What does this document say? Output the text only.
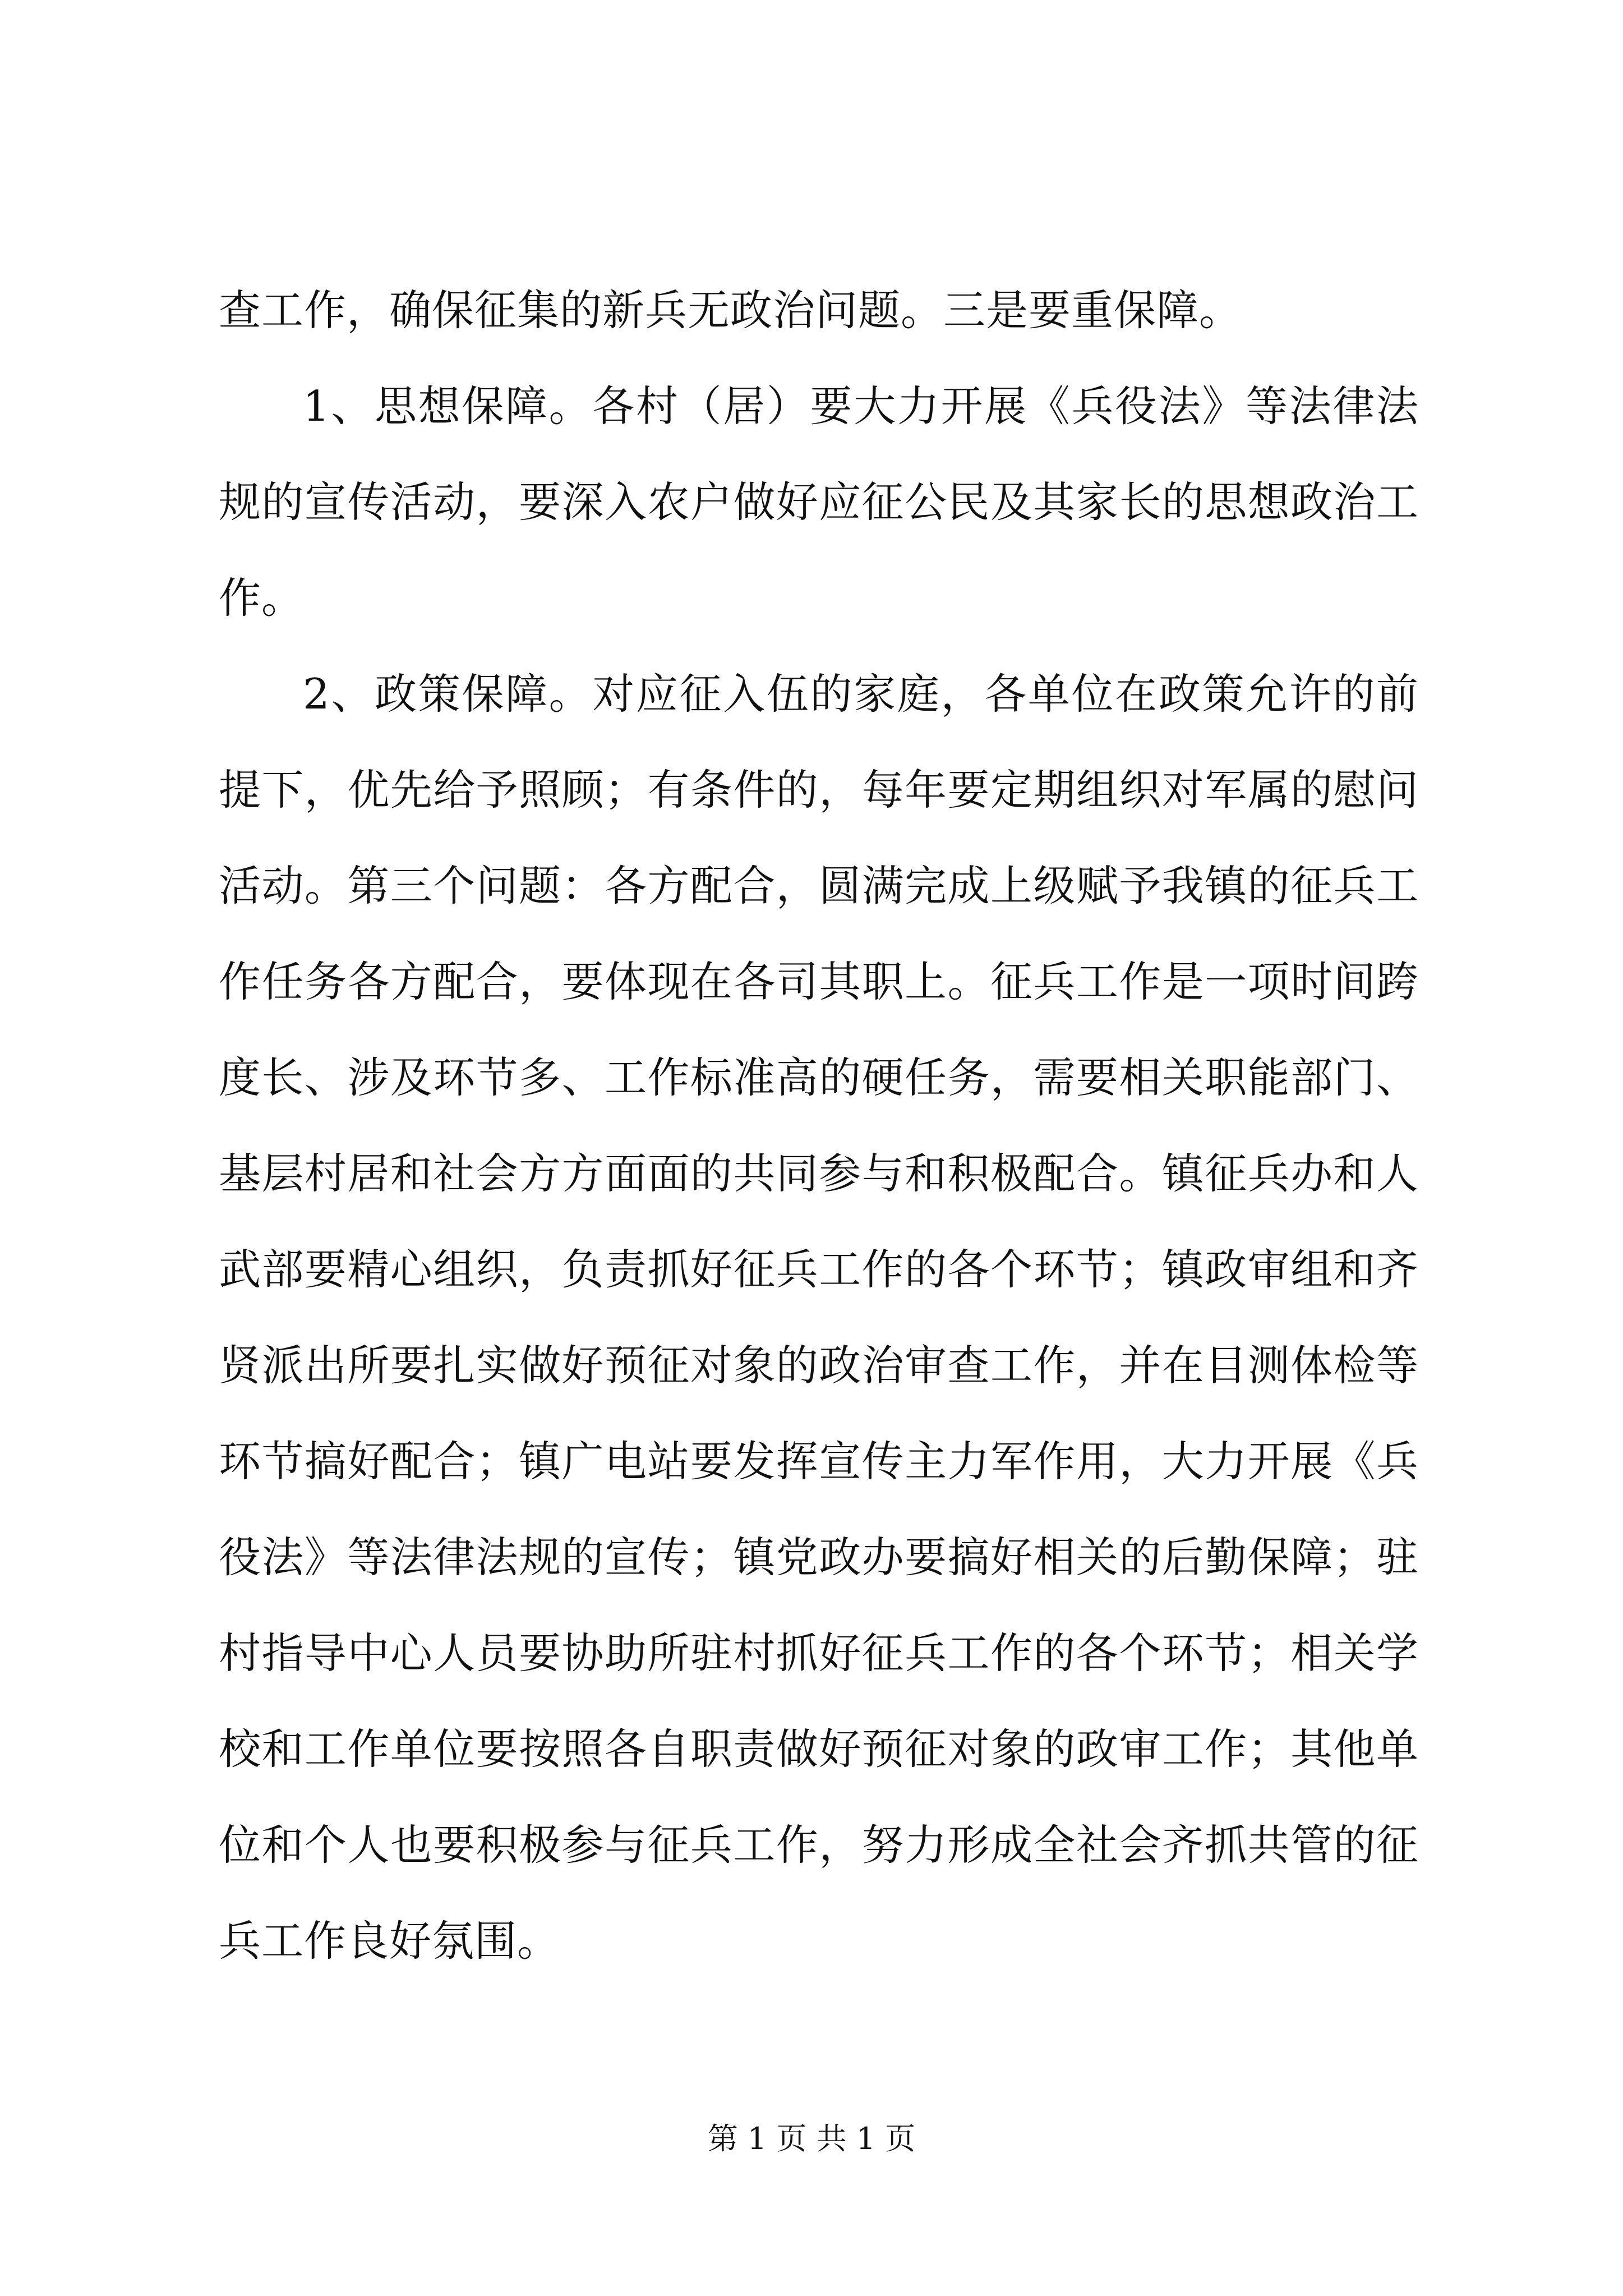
查工作，确保征集的新兵无政治问题。三是要重保障。

1、思想保障。各村（居）要大力开展《兵役法》等法律法规的宣传活动，要深入农户做好应征公民及其家长的思想政治工作。

2、政策保障。对应征入伍的家庭，各单位在政策允许的前提下，优先给予照顾；有条件的，每年要定期组织对军属的慰问活动。第三个问题：各方配合，圆满完成上级赋予我镇的征兵工作任务各方配合，要体现在各司其职上。征兵工作是一项时间跨度长、涉及环节多、工作标准高的硬任务，需要相关职能部门、基层村居和社会方方面面的共同参与和积极配合。镇征兵办和人武部要精心组织，负责抓好征兵工作的各个环节；镇政审组和齐贤派出所要扎实做好预征对象的政治审查工作，并在目测体检等环节搞好配合；镇广电站要发挥宣传主力军作用，大力开展《兵役法》等法律法规的宣传；镇党政办要搞好相关的后勤保障；驻村指导中心人员要协助所驻村抓好征兵工作的各个环节；相关学校和工作单位要按照各自职责做好预征对象的政审工作；其他单位和个人也要积极参与征兵工作，努力形成全社会齐抓共管的征兵工作良好氛围。

第 1 页 共 1 页
